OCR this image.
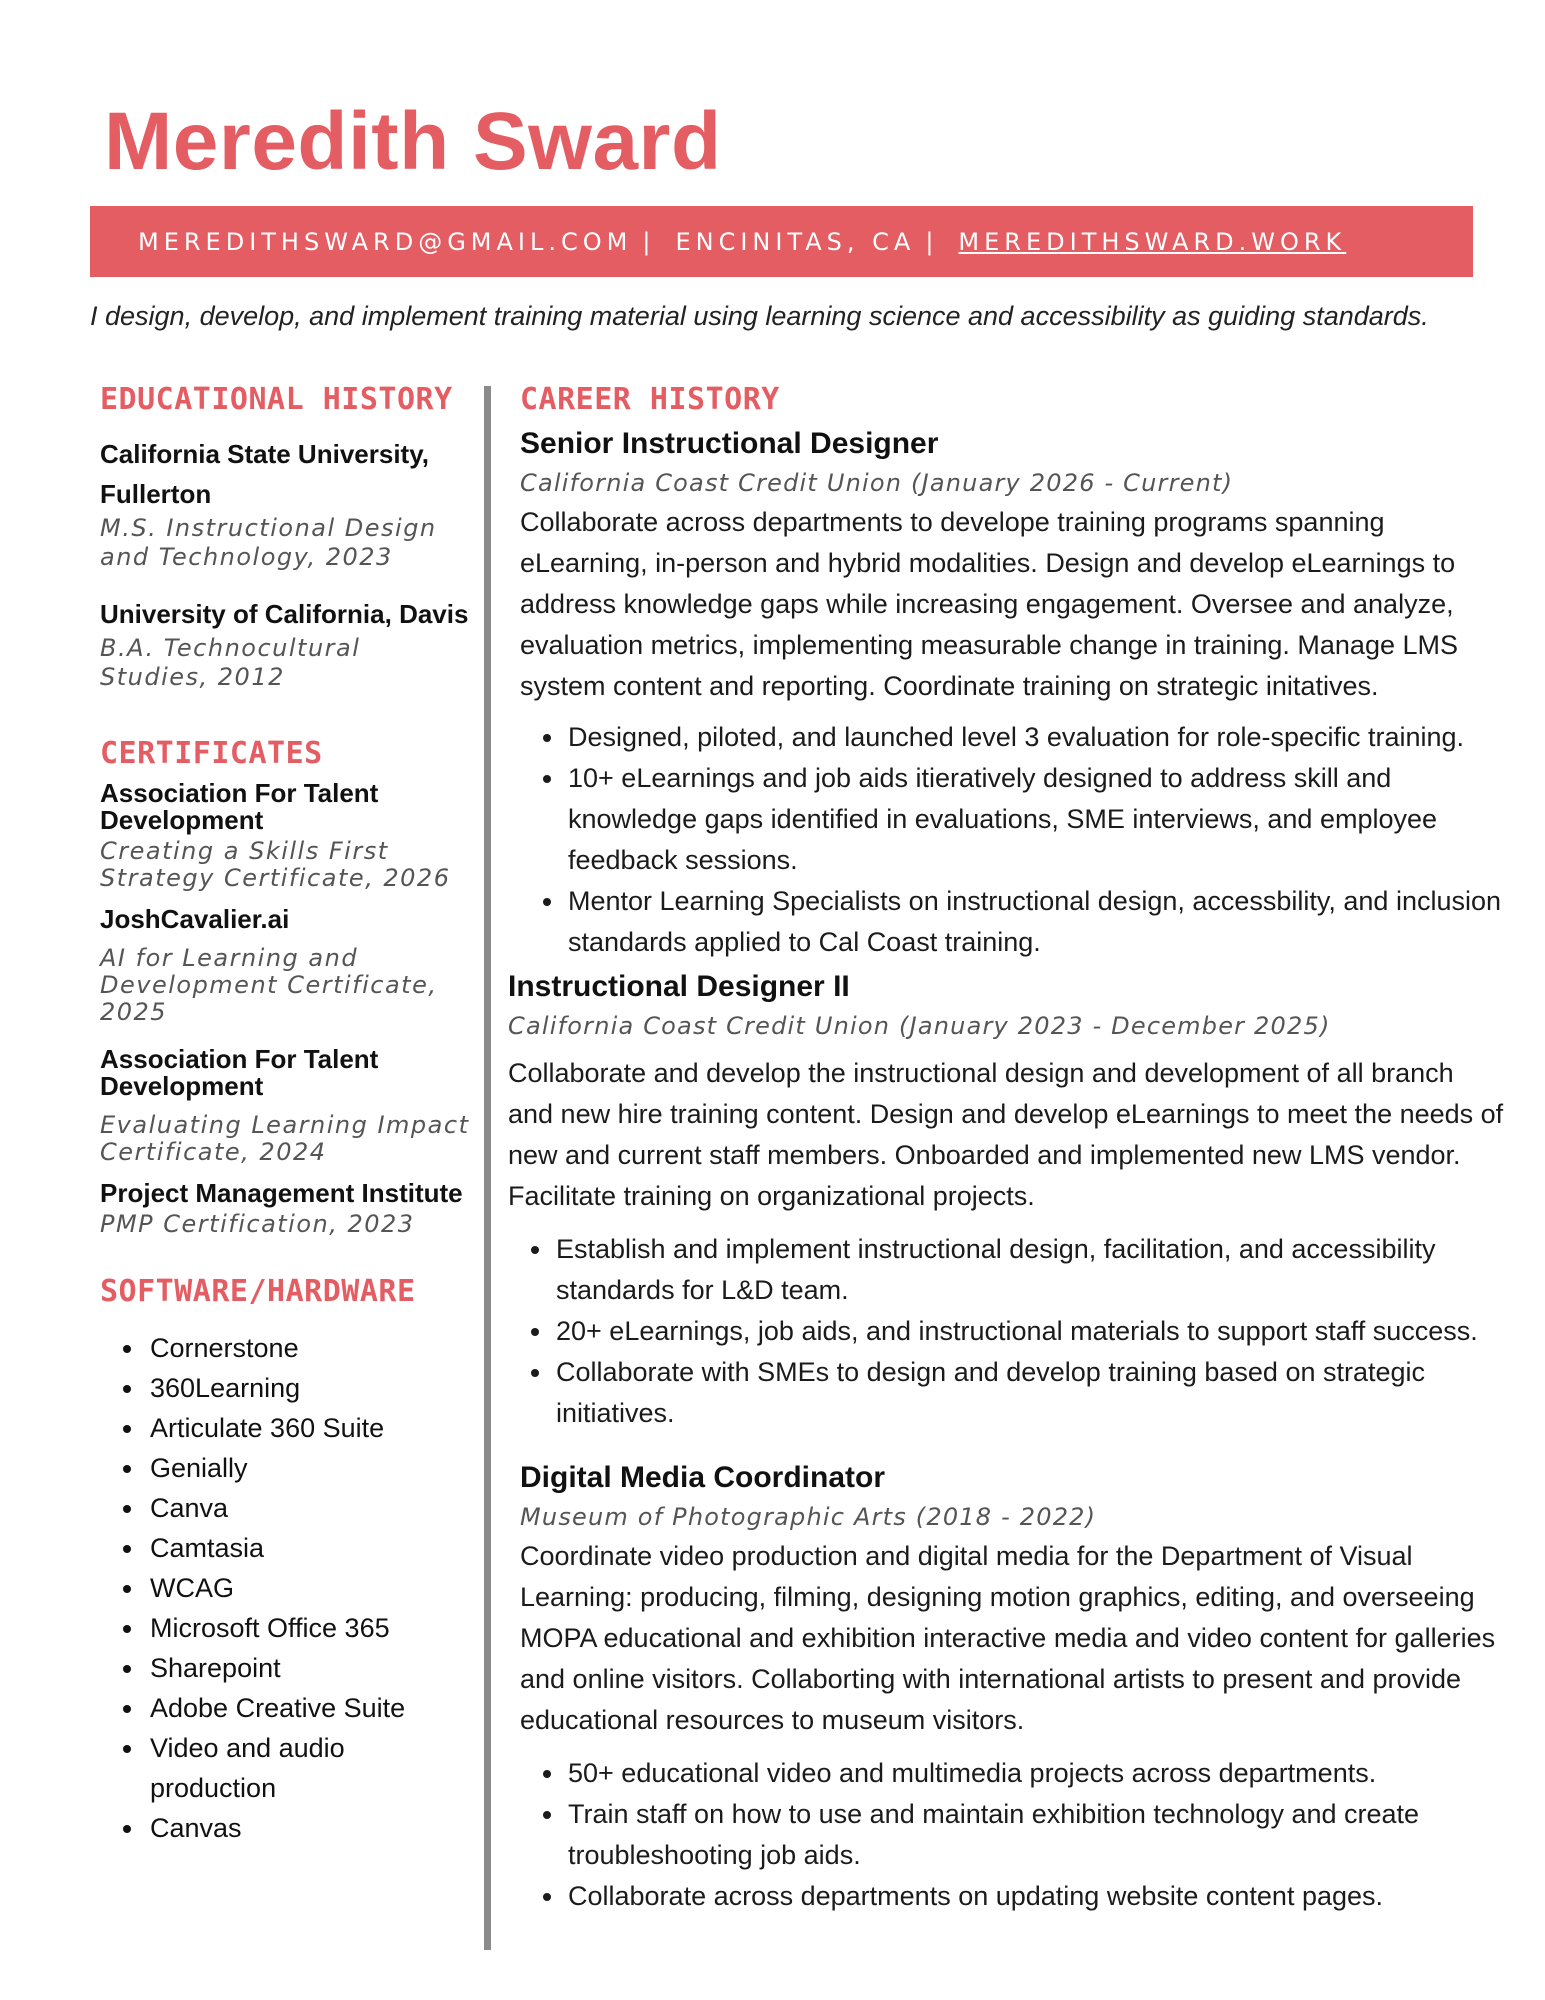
Meredith Sward
MEREDITHSWARD@GMAIL.COM | ENCINITAS, CA | MEREDITHSWARD.WORK

I design, develop, and implement training material using learning science and accessibility as guiding standards.

EDUCATIONAL HISTORY

California State University, Fullerton

M.S. Instructional Design and Technology, 2023

University of California, Davis

B.A. Technocultural Studies, 2012

CERTIFICATES

Association For Talent Development

Creating a Skills First Strategy Certificate, 2026

JoshCavalier.ai

AI for Learning and Development Certificate, 2025

Association For Talent Development

Evaluating Learning Impact Certificate, 2024

Project Management Institute

PMP Certification, 2023

SOFTWARE/HARDWARE
• Cornerstone
• 360Learning
• Articulate 360 Suite
• Genially
• Canva
• Camtasia
• WCAG
• Microsoft Office 365
• Sharepoint
• Adobe Creative Suite
• Video and audio production
• Canvas
CAREER HISTORY
Senior Instructional Designer

California Coast Credit Union (January 2026 - Current)

Collaborate across departments to develope training programs spanning eLearning, in-person and hybrid modalities. Design and develop eLearnings to address knowledge gaps while increasing engagement. Oversee and analyze, evaluation metrics, implementing measurable change in training. Manage LMS system content and reporting. Coordinate training on strategic initatives.

• Designed, piloted, and launched level 3 evaluation for role-specific training.
• 10+ eLearnings and job aids itieratively designed to address skill and knowledge gaps identified in evaluations, SME interviews, and employee feedback sessions.
• Mentor Learning Specialists on instructional design, accessbility, and inclusion standards applied to Cal Coast training.
Instructional Designer II

California Coast Credit Union (January 2023 - December 2025)

Collaborate and develop the instructional design and development of all branch and new hire training content. Design and develop eLearnings to meet the needs of new and current staff members. Onboarded and implemented new LMS vendor. Facilitate training on organizational projects.

• Establish and implement instructional design, facilitation, and accessibility standards for L&D team.
• 20+ eLearnings, job aids, and instructional materials to support staff success.
• Collaborate with SMEs to design and develop training based on strategic initiatives.
Digital Media Coordinator

Museum of Photographic Arts (2018 - 2022)

Coordinate video production and digital media for the Department of Visual Learning: producing, filming, designing motion graphics, editing, and overseeing MOPA educational and exhibition interactive media and video content for galleries and online visitors. Collaborting with international artists to present and provide educational resources to museum visitors.

• 50+ educational video and multimedia projects across departments.
• Train staff on how to use and maintain exhibition technology and create troubleshooting job aids.
• Collaborate across departments on updating website content pages.
